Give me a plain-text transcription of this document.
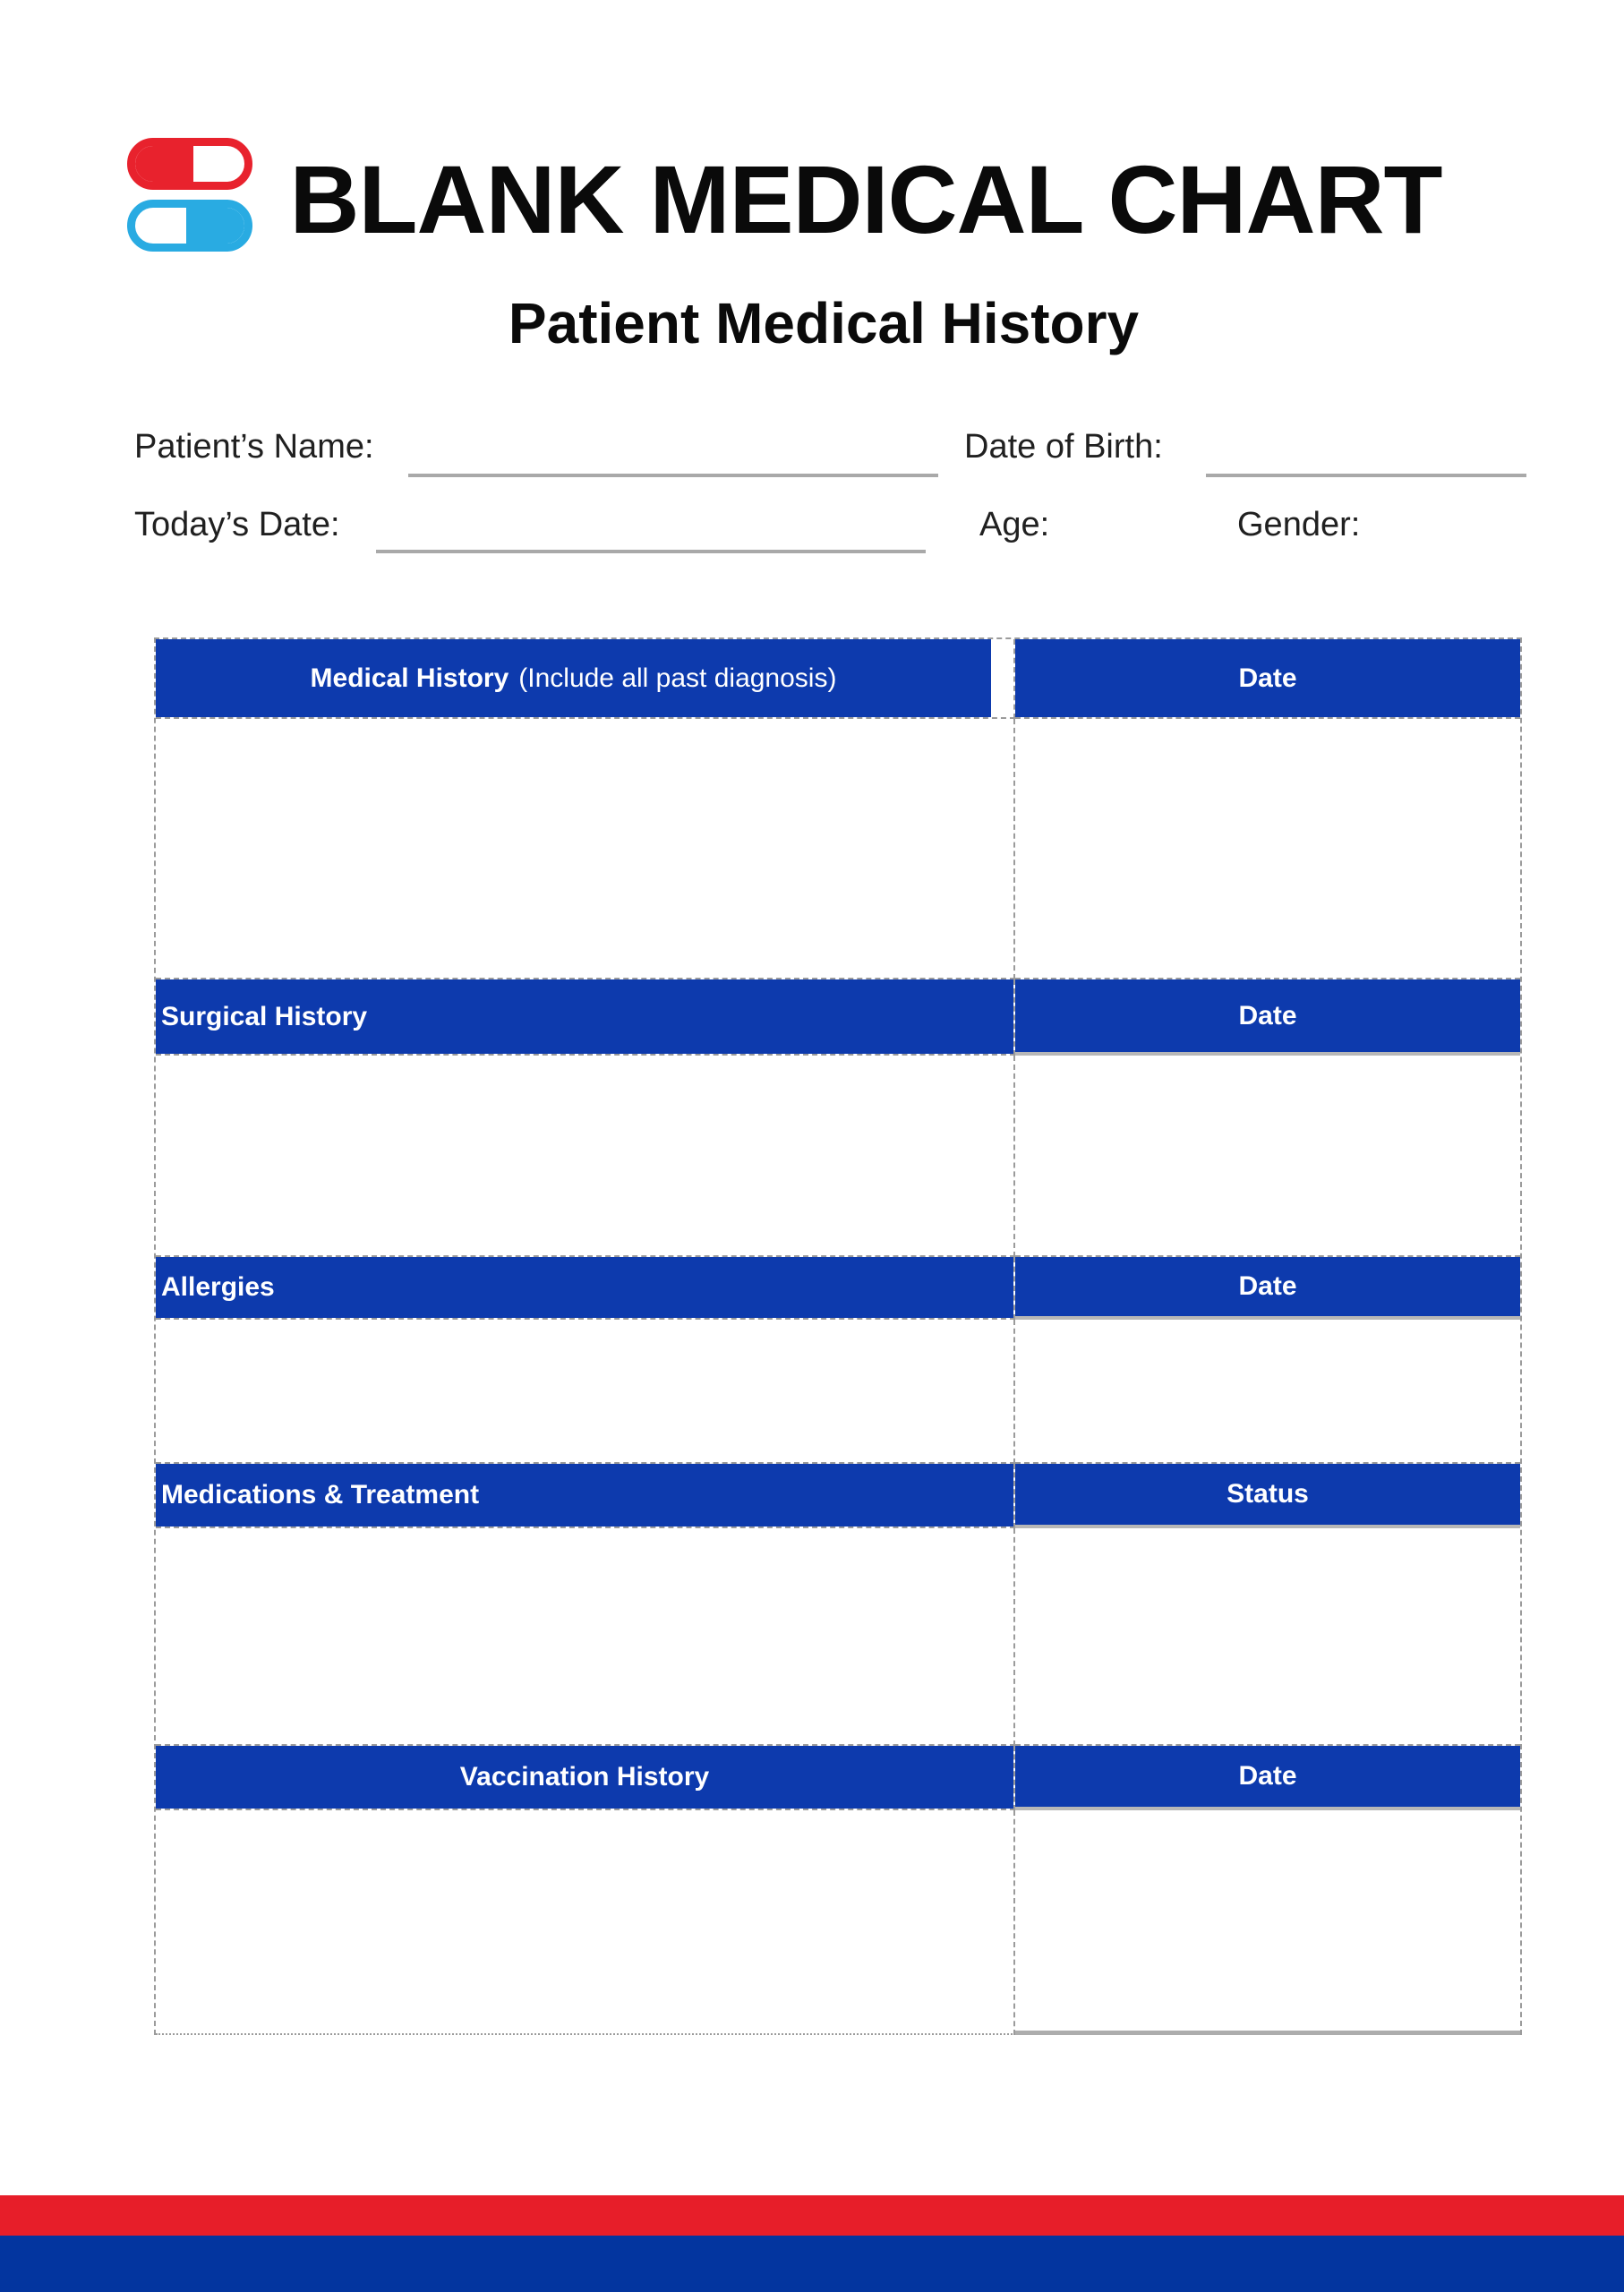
BLANK MEDICAL CHART
Patient Medical History
Patient’s Name:	Date of Birth:
Today’s Date:	Age:	Gender:
Medical History (Include all past diagnosis)	Date
Surgical History	Date
Allergies	Date
Medications & Treatment	Status
Vaccination History	Date
